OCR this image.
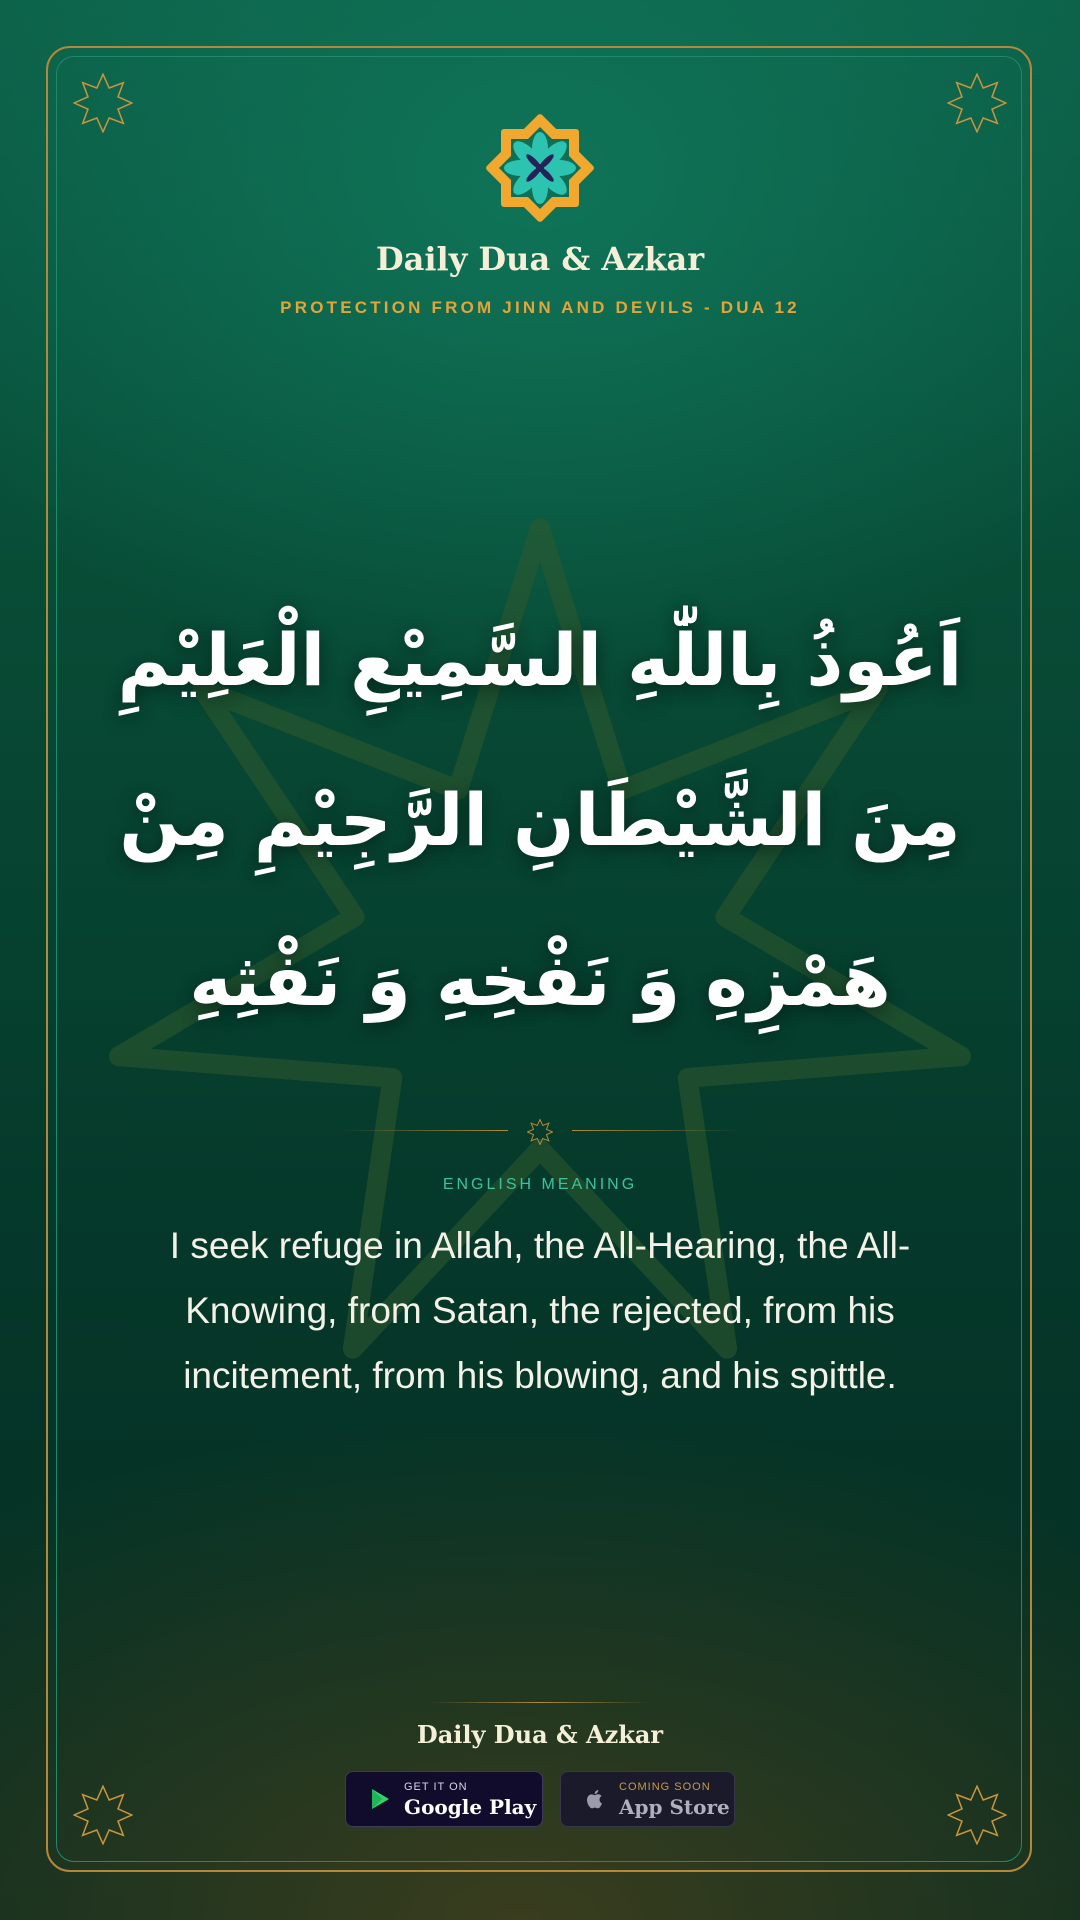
Daily Dua & Azkar
PROTECTION FROM JINN AND DEVILS - DUA 12
اَعُوذُ بِاللّٰهِ السَّمِيْعِ الْعَلِيْمِ مِنَ الشَّيْطَانِ الرَّجِيْمِ مِنْ هَمْزِهِ وَ نَفْخِهِ وَ نَفْثِهِ
ENGLISH MEANING
I seek refuge in Allah, the All-Hearing, the All-Knowing, from Satan, the rejected, from his incitement, from his blowing, and his spittle.
Daily Dua & Azkar
GET IT ON
Google Play
COMING SOON
App Store
